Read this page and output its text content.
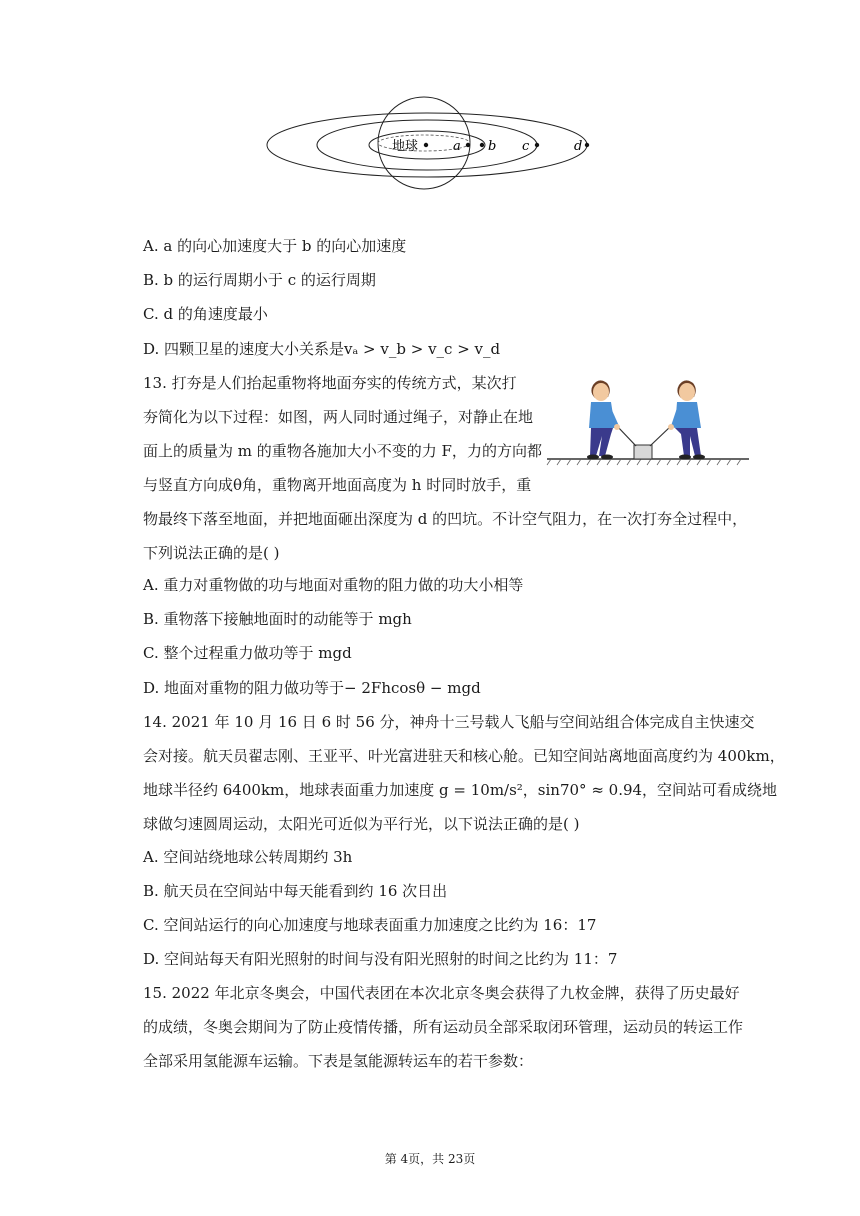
地球	a b c	d
A. a 的向心加速度大于 b 的向心加速度
B. b 的运行周期小于 c 的运行周期
C. d 的角速度最小
D. 四颗卫星的速度大小关系是vₐ > v_b > v_c > v_d
13. 打夯是人们抬起重物将地面夯实的传统方式，某次打
夯简化为以下过程：如图，两人同时通过绳子，对静止在地
面上的质量为 m 的重物各施加大小不变的力 F，力的方向都
与竖直方向成θ角，重物离开地面高度为 h 时同时放手，重
物最终下落至地面，并把地面砸出深度为 d 的凹坑。不计空气阻力，在一次打夯全过程中，
下列说法正确的是( )
A. 重力对重物做的功与地面对重物的阻力做的功大小相等
B. 重物落下接触地面时的动能等于 mgh
C. 整个过程重力做功等于 mgd
D. 地面对重物的阻力做功等于− 2Fhcosθ − mgd
14. 2021 年 10 月 16 日 6 时 56 分，神舟十三号载人飞船与空间站组合体完成自主快速交
会对接。航天员翟志刚、王亚平、叶光富进驻天和核心舱。已知空间站离地面高度约为 400km，
地球半径约 6400km，地球表面重力加速度 g = 10m/s²，sin70° ≈ 0.94，空间站可看成绕地
球做匀速圆周运动，太阳光可近似为平行光，以下说法正确的是( )
A. 空间站绕地球公转周期约 3h
B. 航天员在空间站中每天能看到约 16 次日出
C. 空间站运行的向心加速度与地球表面重力加速度之比约为 16：17
D. 空间站每天有阳光照射的时间与没有阳光照射的时间之比约为 11：7
15. 2022 年北京冬奥会，中国代表团在本次北京冬奥会获得了九枚金牌，获得了历史最好
的成绩，冬奥会期间为了防止疫情传播，所有运动员全部采取闭环管理，运动员的转运工作
全部采用氢能源车运输。下表是氢能源转运车的若干参数：
第 4页，共 23页
